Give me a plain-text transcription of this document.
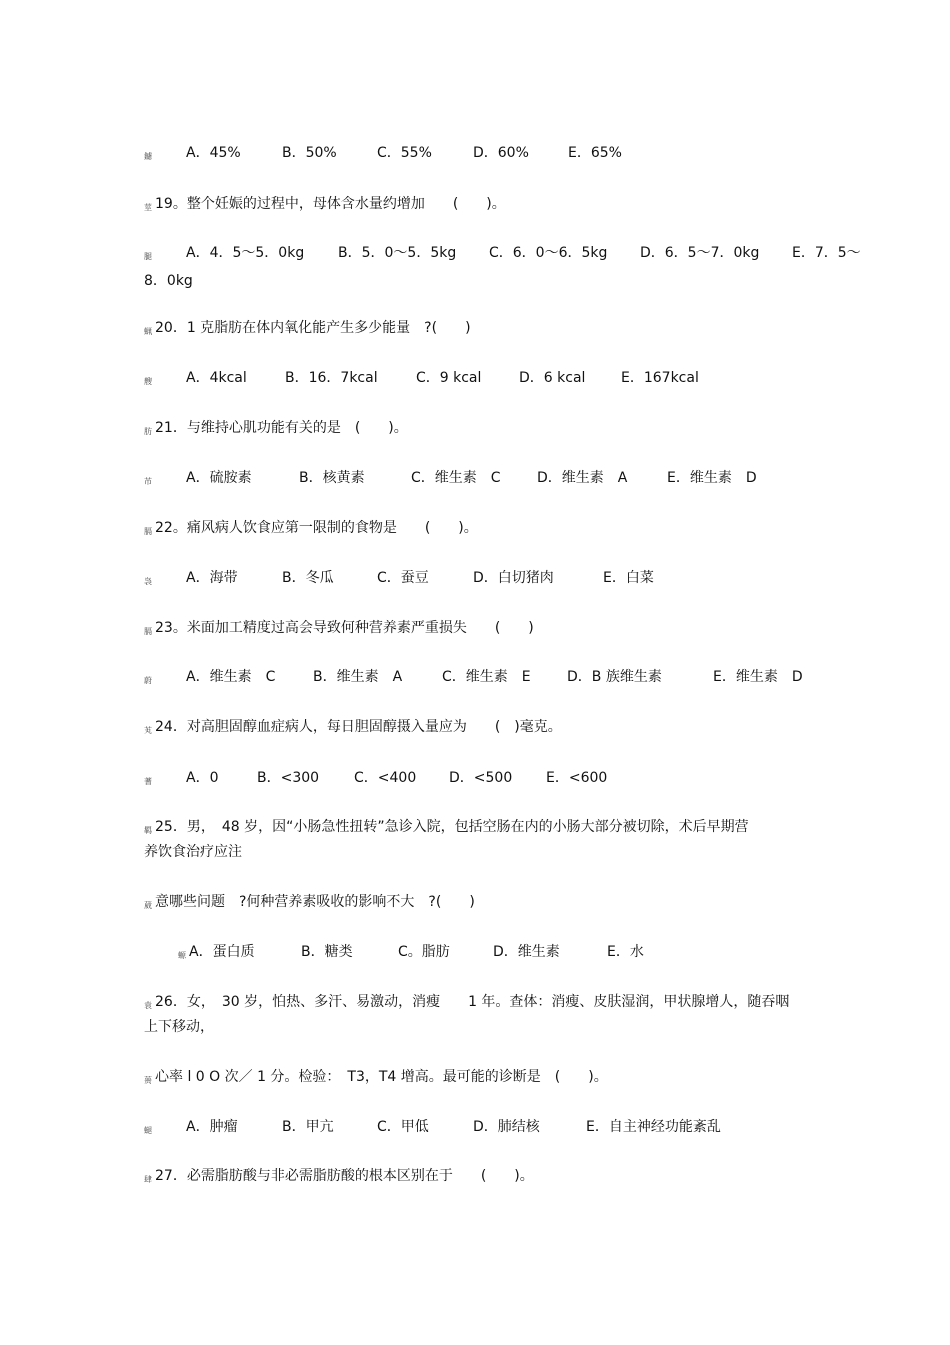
鑢 A．45%	B．50%	C．55%	D．60%	E．65%
莖 19。整个妊娠的过程中，母体含水量约增加　　(　　)。
腿 A．4．5～5．0kg B．5．0～5．5kg C．6．0～6．5kg D．6．5～7．0kg E．7．5～
8．0kg
蝋 20．1 克脂肪在体内氧化能产生多少能量　?(　　)
艘 A．4kcal	B．16．7kcal	C．9 kcal	D．6 kcal	E．167kcal
肪 21．与维持心肌功能有关的是　(　　)。
芇 A．硫胺素	B．核黄素	C．维生素　C	D．维生素　A	E．维生素　D
膈 22。痛风病人饮食应第一限制的食物是　　(　　)。
袅 A．海带	B．冬瓜	C．蚕豆	D．白切猪肉	E．白菜
膈 23。米面加工精度过高会导致何种营养素严重损失　　(　　)
蔚 A．维生素　C	B．维生素　A	C．维生素　E	D．B 族维生素	E．维生素　D
芄 24．对高胆固醇血症病人，每日胆固醇摄入量应为　　(　)毫克。
蓍 A．0	B．<300 C．<400 D．<500 E．<600
羁 25．男，　48 岁，因“小肠急性扭转”急诊入院，包括空肠在内的小肠大部分被切除，术后早期营
养饮食治疗应注
葳 意哪些问题　?何种营养素吸收的影响不大　?(　　)
螈 A．蛋白质	B．糖类	C。脂肪	D．维生素	E．水
袁 26．女，　30 岁，怕热、多汗、易激动，消瘦　　1 年。查体：消瘦、皮肤湿润，甲状腺增人，随吞咽
上下移动，
蒉 心率 l 0 O 次／ 1 分。检验：　T3，T4 增高。最可能的诊断是　(　　)。
螁 A．肿瘤	B．甲亢	C．甲低	D．肺结核	E．自主神经功能紊乱
肆 27．必需脂肪酸与非必需脂肪酸的根本区别在于　　(　　)。
